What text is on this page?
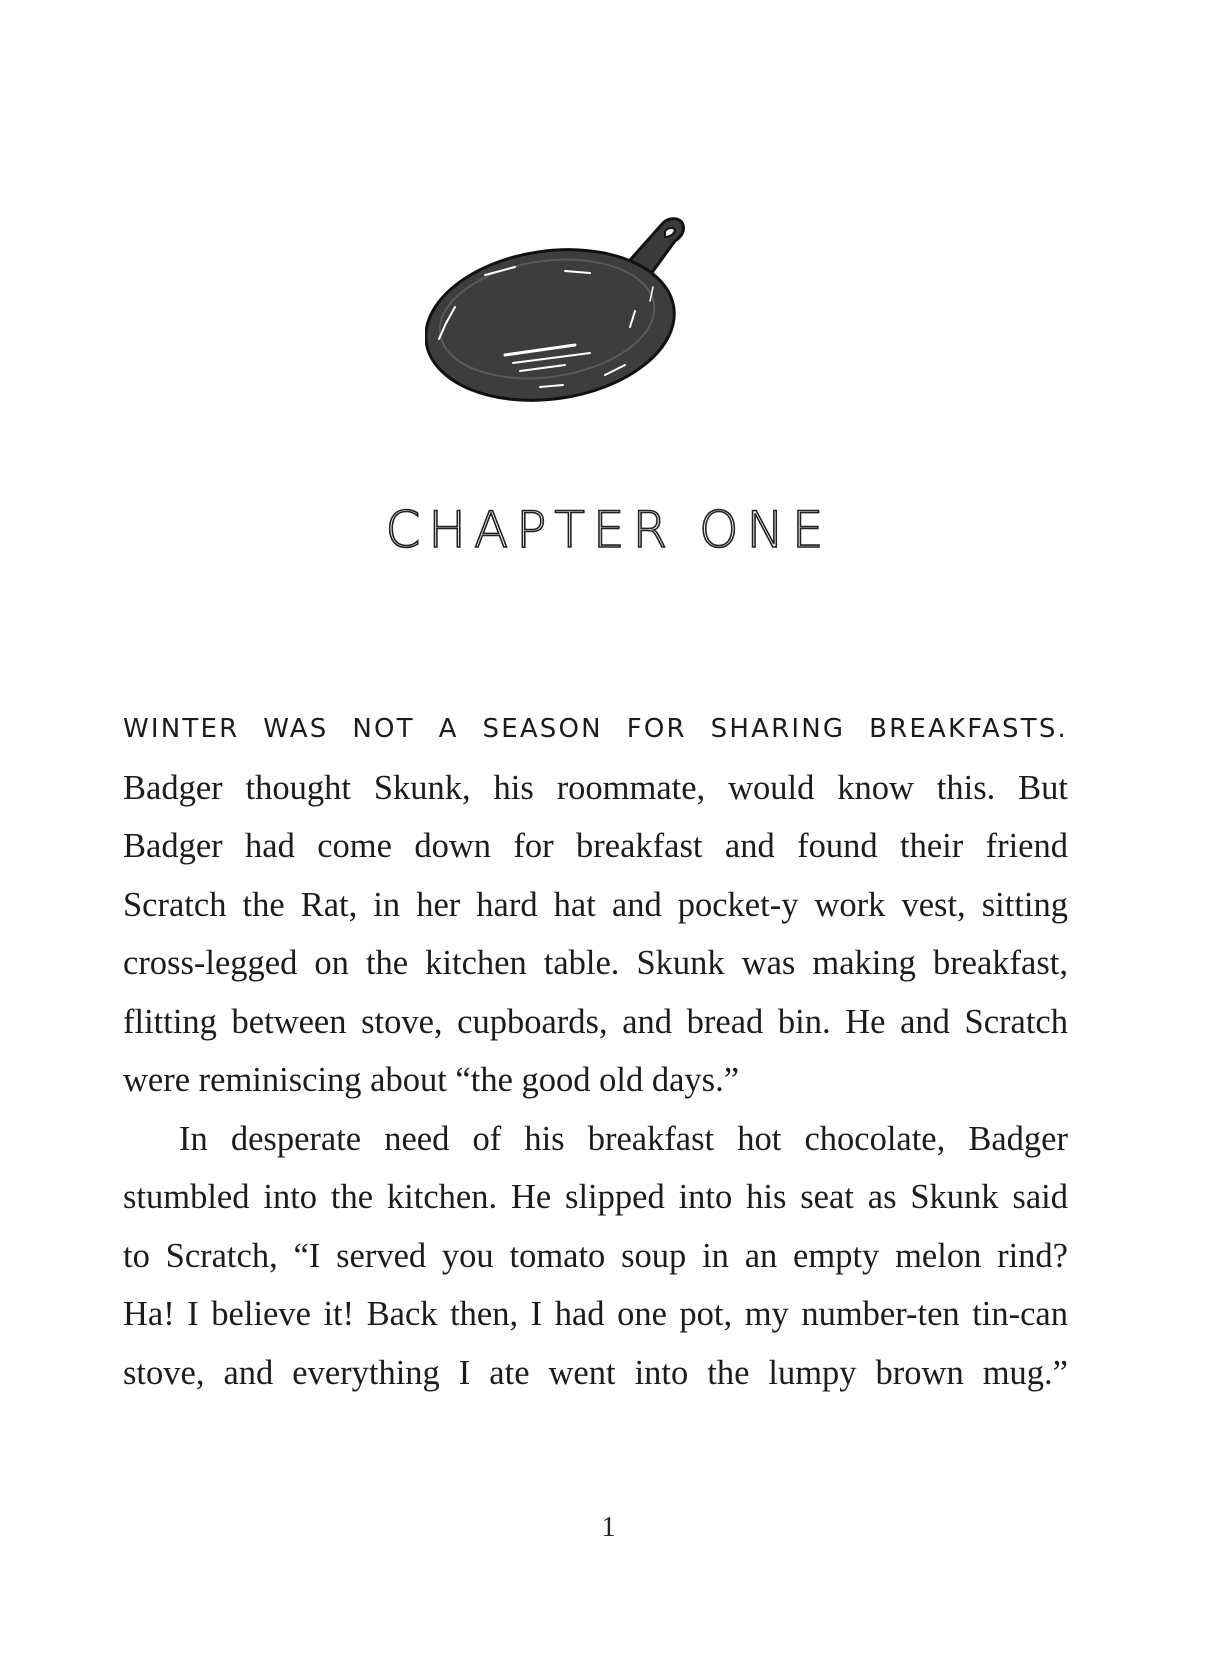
CHAPTER ONE
WINTER WAS NOT A SEASON FOR SHARING BREAKFASTS.
Badger thought Skunk, his roommate, would know this. But
Badger had come down for breakfast and found their friend
Scratch the Rat, in her hard hat and pocket-y work vest, sitting
cross-legged on the kitchen table. Skunk was making breakfast,
flitting between stove, cupboards, and bread bin. He and Scratch
were reminiscing about “the good old days.”
In desperate need of his breakfast hot chocolate, Badger
stumbled into the kitchen. He slipped into his seat as Skunk said
to Scratch, “I served you tomato soup in an empty melon rind?
Ha! I believe it! Back then, I had one pot, my number-ten tin-can
stove, and everything I ate went into the lumpy brown mug.”
1
